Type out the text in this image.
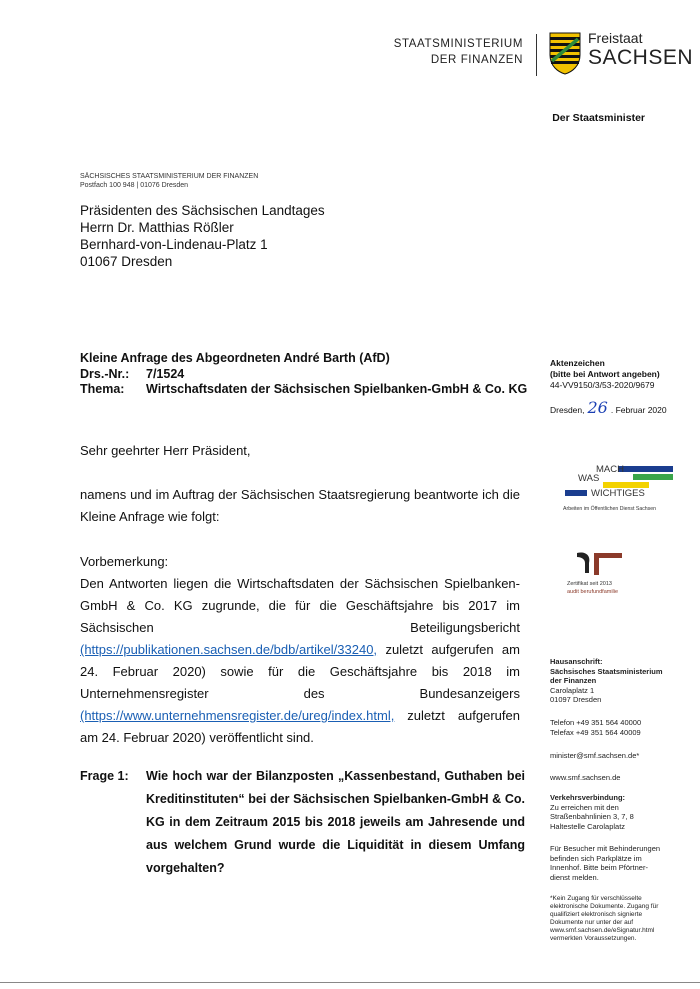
STAATSMINISTERIUM
DER FINANZEN
Freistaat
SACHSEN
Der Staatsminister
SÄCHSISCHES STAATSMINISTERIUM DER FINANZEN
Postfach 100 948 | 01076 Dresden
Präsidenten des Sächsischen Landtages
Herrn Dr. Matthias Rößler
Bernhard-von-Lindenau-Platz 1
01067 Dresden
Kleine Anfrage des Abgeordneten André Barth (AfD)
Drs.-Nr.:	7/1524
Thema:	Wirtschaftsdaten der Sächsischen Spielbanken-GmbH & Co. KG
Aktenzeichen
(bitte bei Antwort angeben)
44-VV9150/3/53-2020/9679
Dresden, 26 . Februar 2020
Sehr geehrter Herr Präsident,
namens und im Auftrag der Sächsischen Staatsregierung beantworte ich die Kleine Anfrage wie folgt:
Vorbemerkung:
Den Antworten liegen die Wirtschaftsdaten der Sächsischen Spielbanken-GmbH & Co. KG zugrunde, die für die Geschäftsjahre bis 2017 im Sächsischen Beteiligungsbericht (https://publikationen.sachsen.de/bdb/artikel/33240, zuletzt aufgerufen am 24. Februar 2020) sowie für die Geschäftsjahre bis 2018 im Unternehmensregister des Bundesanzeigers (https://www.unternehmensregister.de/ureg/index.html, zuletzt aufgerufen am 24. Februar 2020) veröffentlicht sind.
Frage 1:	Wie hoch war der Bilanzposten „Kassenbestand, Guthaben bei Kreditinstituten“ bei der Sächsischen Spielbanken-GmbH & Co. KG in dem Zeitraum 2015 bis 2018 jeweils am Jahresende und aus welchem Grund wurde die Liquidität in diesem Umfang vorgehalten?
MACH
WAS
WICHTIGES
Arbeiten im Öffentlichen Dienst Sachsen
Zertifikat seit 2013
audit berufundfamilie
Hausanschrift:
Sächsisches Staatsministerium
der Finanzen
Carolaplatz 1
01097 Dresden
Telefon +49 351 564 40000
Telefax +49 351 564 40009
minister@smf.sachsen.de*
www.smf.sachsen.de
Verkehrsverbindung:
Zu erreichen mit den
Straßenbahnlinien 3, 7, 8
Haltestelle Carolaplatz
Für Besucher mit Behinderungen
befinden sich Parkplätze im
Innenhof. Bitte beim Pförtner-
dienst melden.
*Kein Zugang für verschlüsselte
elektronische Dokumente. Zugang für
qualifiziert elektronisch signierte
Dokumente nur unter der auf
www.smf.sachsen.de/eSignatur.html
vermerkten Voraussetzungen.
